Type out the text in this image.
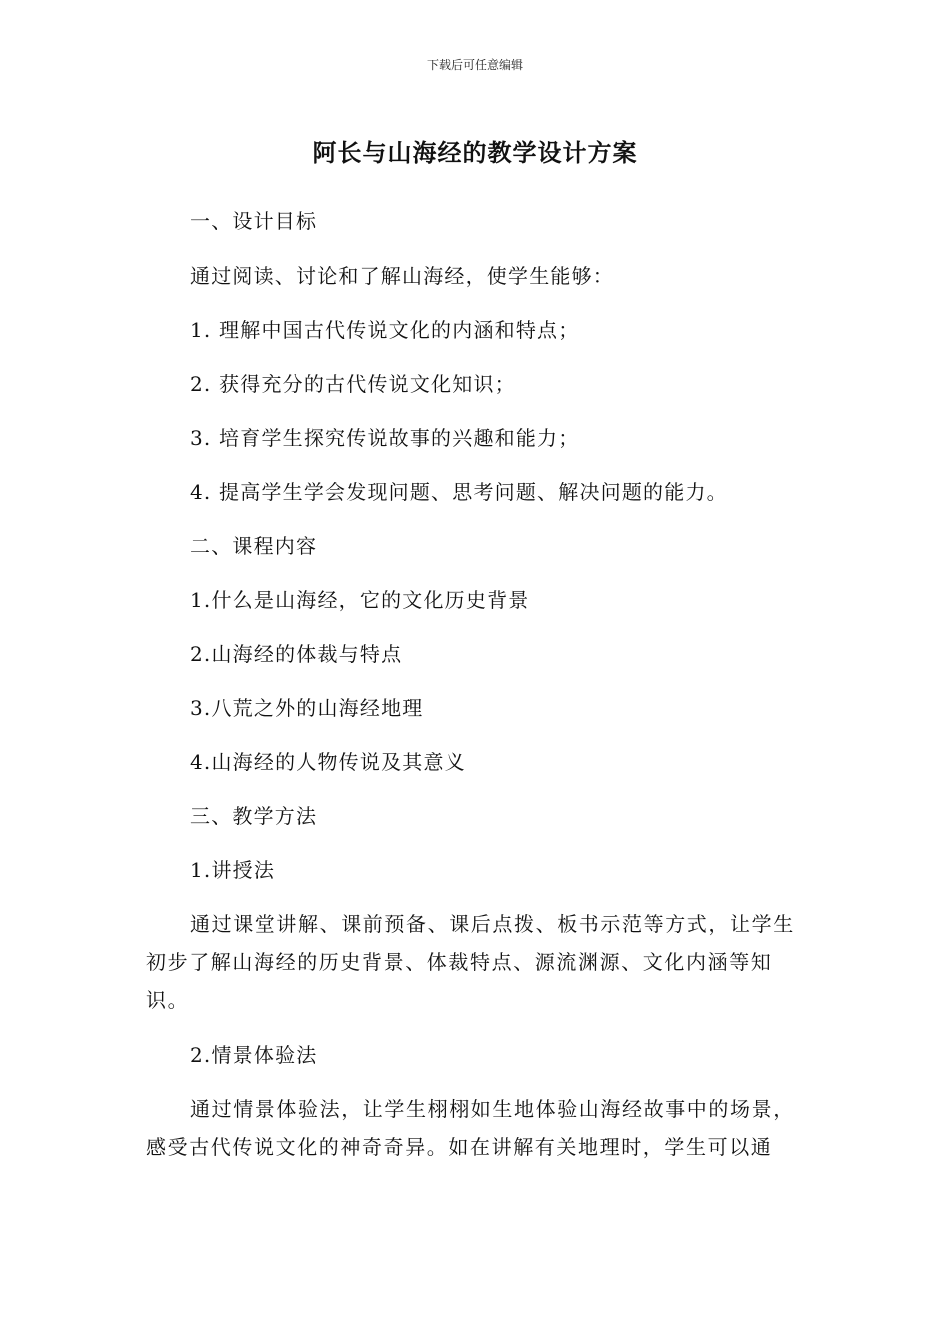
下载后可任意编辑
阿长与山海经的教学设计方案
一、设计目标
通过阅读、讨论和了解山海经，使学生能够：
1. 理解中国古代传说文化的内涵和特点；
2. 获得充分的古代传说文化知识；
3. 培育学生探究传说故事的兴趣和能力；
4. 提高学生学会发现问题、思考问题、解决问题的能力。
二、课程内容
1.什么是山海经，它的文化历史背景
2.山海经的体裁与特点
3.八荒之外的山海经地理
4.山海经的人物传说及其意义
三、教学方法
1.讲授法
通过课堂讲解、课前预备、课后点拨、板书示范等方式，让学生初步了解山海经的历史背景、体裁特点、源流渊源、文化内涵等知识。
2.情景体验法
通过情景体验法，让学生栩栩如生地体验山海经故事中的场景，感受古代传说文化的神奇奇异。如在讲解有关地理时，学生可以通
